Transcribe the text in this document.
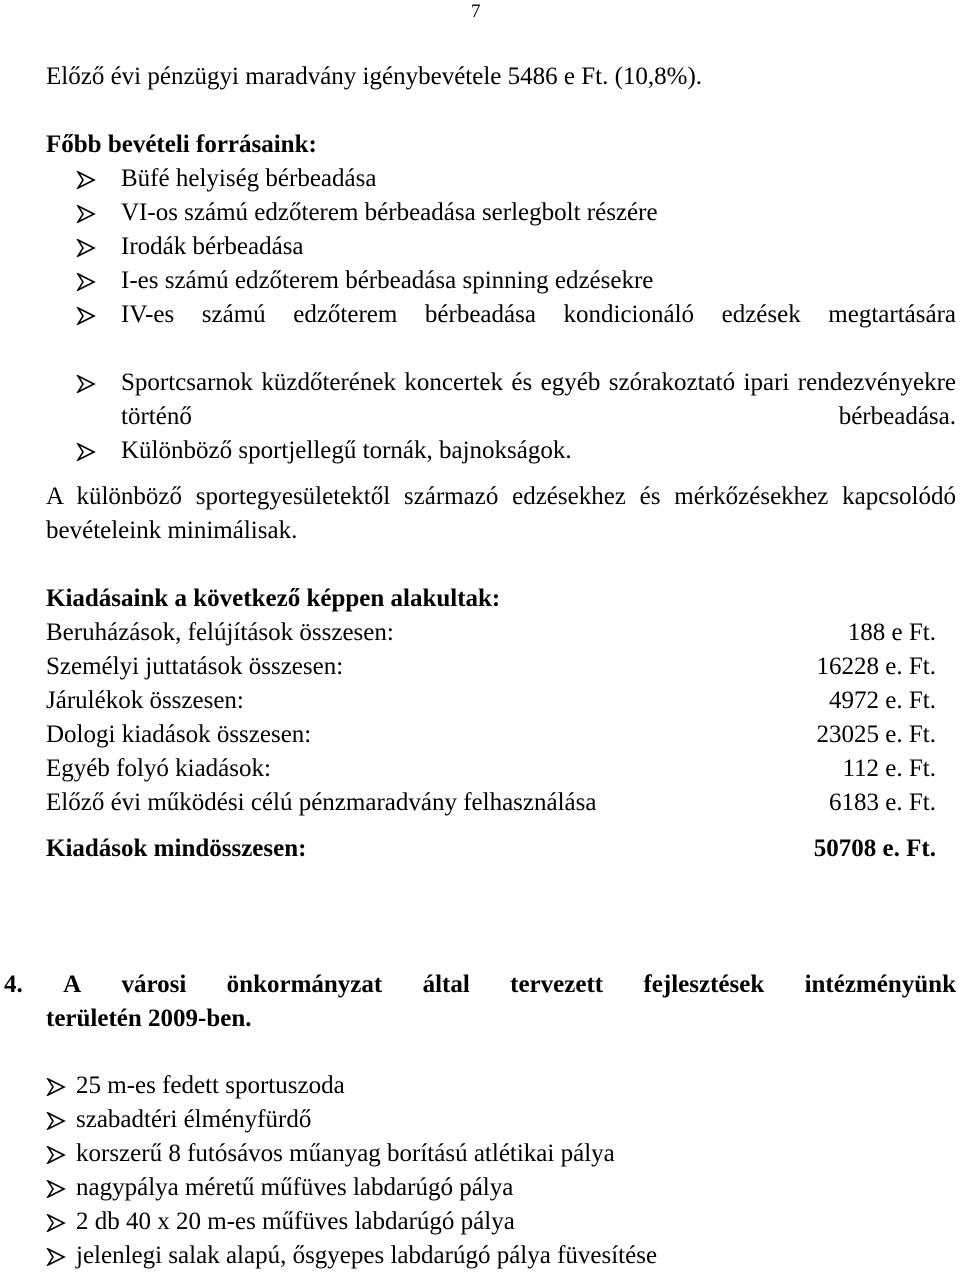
7
Előző évi pénzügyi maradvány igénybevétele 5486 e Ft. (10,8%).
Főbb bevételi forrásaink:
Büfé helyiség bérbeadása
VI-os számú edzőterem bérbeadása serlegbolt részére
Irodák bérbeadása
I-es számú edzőterem bérbeadása spinning edzésekre
IV-es számú edzőterem bérbeadása kondicionáló edzések megtartására
Sportcsarnok küzdőterének koncertek és egyéb szórakoztató ipari rendezvényekre történő bérbeadása.
Különböző sportjellegű tornák, bajnokságok.
A különböző sportegyesületektől származó edzésekhez és mérkőzésekhez kapcsolódó bevételeink minimálisak.
Kiadásaink a következő képpen alakultak:
Beruházások, felújítások összesen:	188 e Ft.
Személyi juttatások összesen:	16228 e. Ft.
Járulékok összesen:	4972 e. Ft.
Dologi kiadások összesen:	23025 e. Ft.
Egyéb folyó kiadások:	112 e. Ft.
Előző évi működési célú pénzmaradvány felhasználása	6183 e. Ft.
Kiadások mindösszesen:	50708 e. Ft.
4. A városi önkormányzat által tervezett fejlesztések intézményünk
területén 2009-ben.
25 m-es fedett sportuszoda
szabadtéri élményfürdő
korszerű 8 futósávos műanyag borítású atlétikai pálya
nagypálya méretű műfüves labdarúgó pálya
2 db 40 x 20 m-es műfüves labdarúgó pálya
jelenlegi salak alapú, ősgyepes labdarúgó pálya füvesítése
